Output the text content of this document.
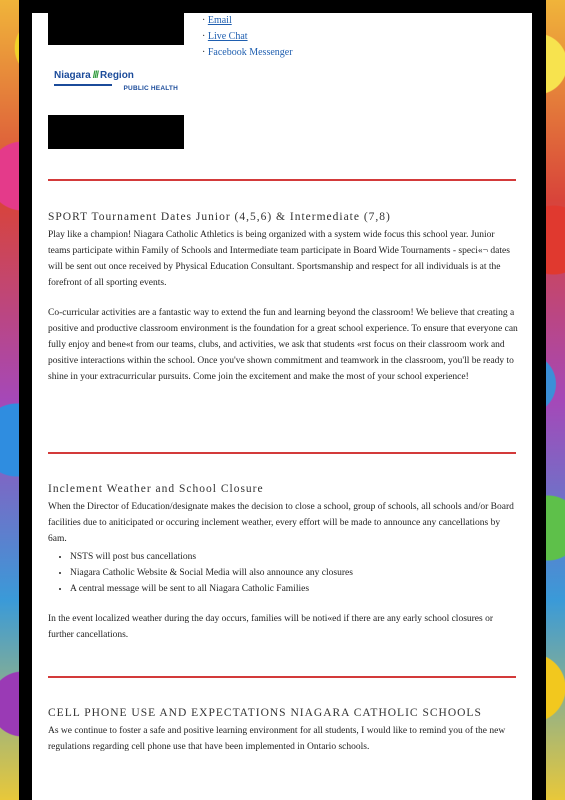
Niagara /// Region
PUBLIC HEALTH
· Email
· Live Chat
· Facebook Messenger
SPORT Tournament Dates Junior (4,5,6) & Intermediate (7,8)

Play like a champion! Niagara Catholic Athletics is being organized with a system wide focus this school year. Junior teams participate within Family of Schools and Intermediate team participate in Board Wide Tournaments - speci«¬ dates will be sent out once received by Physical Education Consultant. Sportsmanship and respect for all individuals is at the forefront of all sporting events.

Co-curricular activities are a fantastic way to extend the fun and learning beyond the classroom! We believe that creating a positive and productive classroom environment is the foundation for a great school experience. To ensure that everyone can fully enjoy and bene«t from our teams, clubs, and activities, we ask that students «rst focus on their classroom work and positive interactions within the school. Once you've shown commitment and teamwork in the classroom, you'll be ready to shine in your extracurricular pursuits. Come join the excitement and make the most of your school experience!

Inclement Weather and School Closure

When the Director of Education/designate makes the decision to close a school, group of schools, all schools and/or Board facilities due to aniticipated or occuring inclement weather, every effort will be made to announce any cancellations by 6am.

• NSTS will post bus cancellations
• Niagara Catholic Website & Social Media will also announce any closures
• A central message will be sent to all Niagara Catholic Families

In the event localized weather during the day occurs, families will be noti«ed if there are any early school closures or further cancellations.

CELL PHONE USE AND EXPECTATIONS NIAGARA CATHOLIC SCHOOLS

As we continue to foster a safe and positive learning environment for all students, I would like to remind you of the new regulations regarding cell phone use that have been implemented in Ontario schools.
